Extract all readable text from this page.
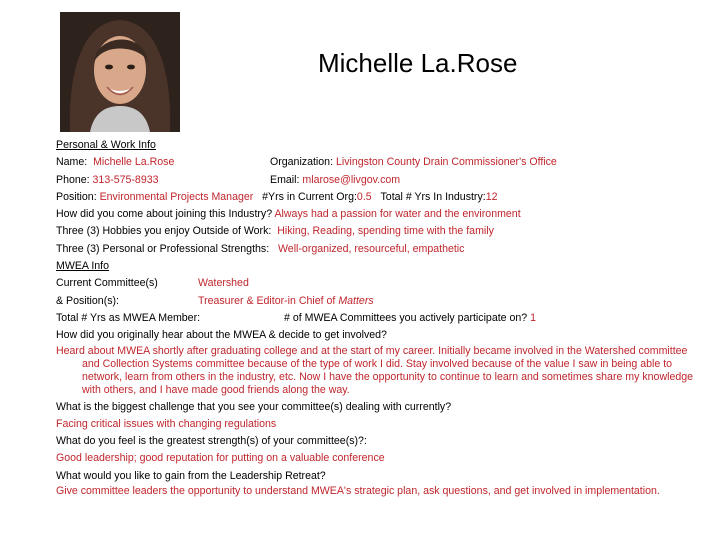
Michelle La.Rose
Personal & Work Info
Name: Michelle La.Rose	Organization: Livingston County Drain Commissioner's Office
Phone: 313-575-8933	Email: mlarose@livgov.com
Position: Environmental Projects Manager #Yrs in Current Org:0.5 Total # Yrs In Industry:12
How did you come about joining this Industry? Always had a passion for water and the environment
Three (3) Hobbies you enjoy Outside of Work: Hiking, Reading, spending time with the family
Three (3) Personal or Professional Strengths: Well-organized, resourceful, empathetic
MWEA Info
Current Committee(s)	Watershed
& Position(s):	Treasurer & Editor-in Chief of Matters
Total # Yrs as MWEA Member:	# of MWEA Committees you actively participate on? 1
How did you originally hear about the MWEA & decide to get involved?
Heard about MWEA shortly after graduating college and at the start of my career. Initially became involved in the Watershed committee and Collection Systems committee because of the type of work I did. Stay involved because of the value I saw in being able to network, learn from others in the industry, etc. Now I have the opportunity to continue to learn and sometimes share my knowledge with others, and I have made good friends along the way.
What is the biggest challenge that you see your committee(s) dealing with currently?
Facing critical issues with changing regulations
What do you feel is the greatest strength(s) of your committee(s)?:
Good leadership; good reputation for putting on a valuable conference
What would you like to gain from the Leadership Retreat?
Give committee leaders the opportunity to understand MWEA's strategic plan, ask questions, and get involved in implementation.
